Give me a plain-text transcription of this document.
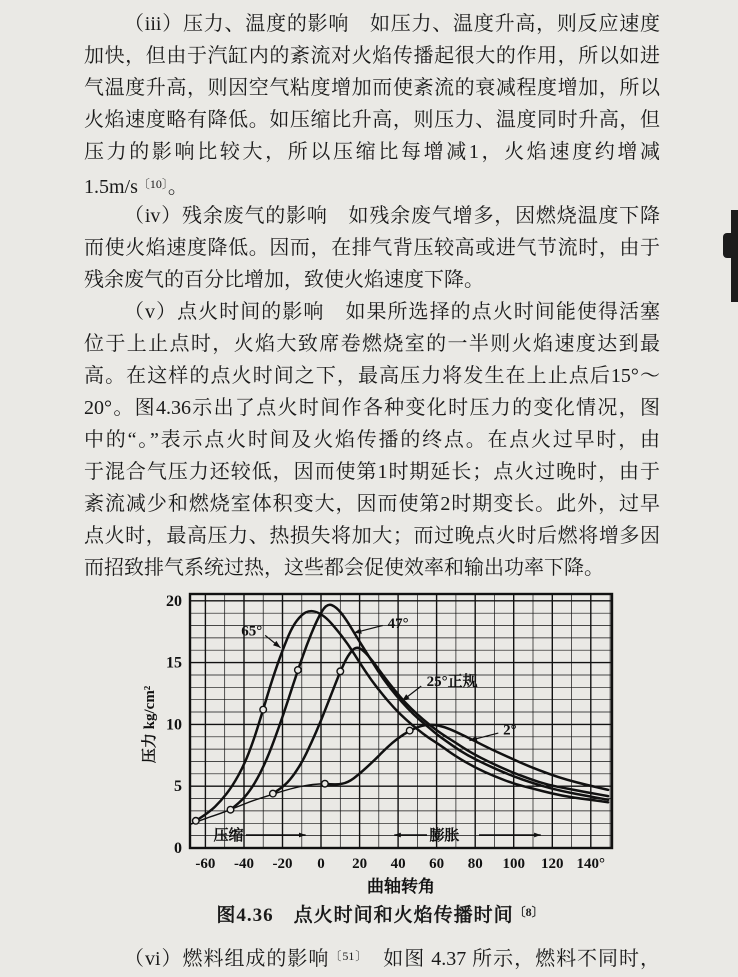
（iii）压力、温度的影响　如压力、温度升高，则反应速度
加快，但由于汽缸内的紊流对火焰传播起很大的作用，所以如进
气温度升高，则因空气粘度增加而使紊流的衰减程度增加，所以
火焰速度略有降低。如压缩比升高，则压力、温度同时升高，但
压力的影响比较大，所以压缩比每增减1，火焰速度约增减
$1.5m/s^{〔10〕}$。
（iv）残余废气的影响　如残余废气增多，因燃烧温度下降
而使火焰速度降低。因而，在排气背压较高或进气节流时，由于
残余废气的百分比增加，致使火焰速度下降。
（v）点火时间的影响　如果所选择的点火时间能使得活塞
位于上止点时，火焰大致席卷燃烧室的一半则火焰速度达到最
高。在这样的点火时间之下，最高压力将发生在上止点后15°～
20°。图4.36示出了点火时间作各种变化时压力的变化情况，图
中的“。”表示点火时间及火焰传播的终点。在点火过早时，由
于混合气压力还较低，因而使第1时期延长；点火过晚时，由于
紊流减少和燃烧室体积变大，因而使第2时期变长。此外，过早
点火时，最高压力、热损失将加大；而过晚点火时后燃将增多因
而招致排气系统过热，这些都会促使效率和输出功率下降。
65°	47°
25°正规
2°
压缩	膨胀
-60 -40 -20 0 20 40 60 80 100 120 140°
0
5
10
15
20
曲轴转角
压力 kg/cm²
图4.36　点火时间和火焰传播时间$^{〔8〕}$
（vi）燃料组成的影响$^{〔51〕}$　如图 4.37 所示，燃料不同时，
